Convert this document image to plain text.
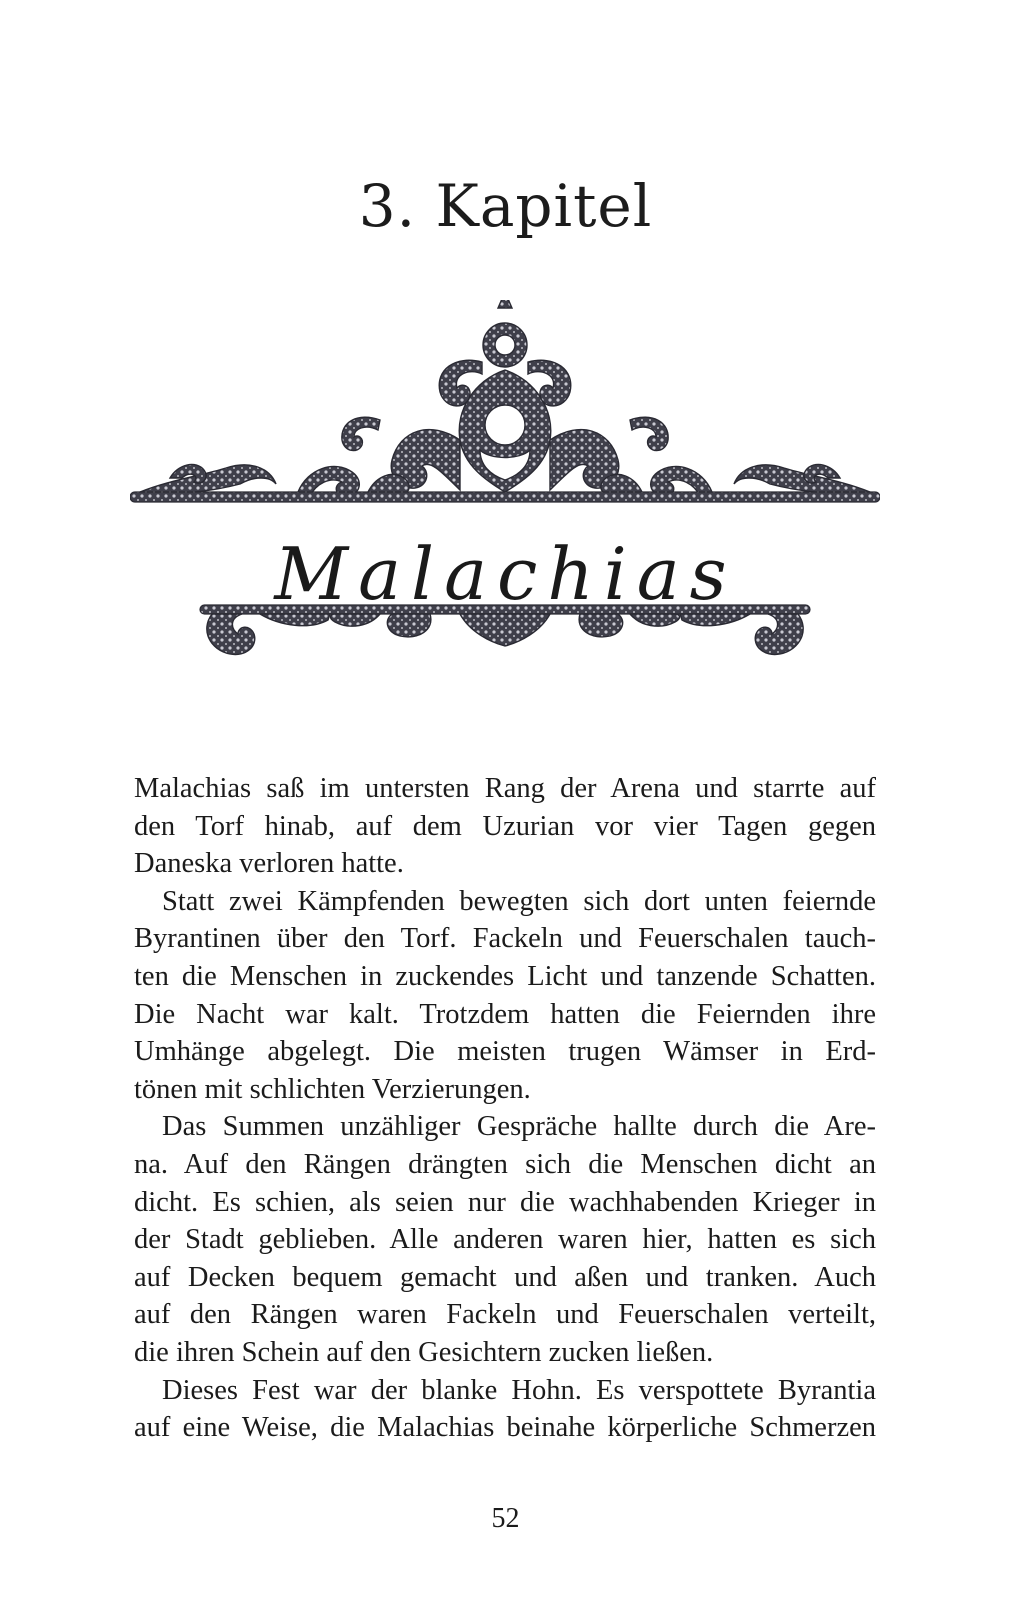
3. Kapitel
Malachias

Malachias saß im untersten Rang der Arena und starrte auf

den Torf hinab, auf dem Uzurian vor vier Tagen gegen

Daneska verloren hatte.

Statt zwei Kämpfenden bewegten sich dort unten feiernde

Byrantinen über den Torf. Fackeln und Feuerschalen tauch-

ten die Menschen in zuckendes Licht und tanzende Schatten.

Die Nacht war kalt. Trotzdem hatten die Feiernden ihre

Umhänge abgelegt. Die meisten trugen Wämser in Erd-

tönen mit schlichten Verzierungen.

Das Summen unzähliger Gespräche hallte durch die Are-

na. Auf den Rängen drängten sich die Menschen dicht an

dicht. Es schien, als seien nur die wachhabenden Krieger in

der Stadt geblieben. Alle anderen waren hier, hatten es sich

auf Decken bequem gemacht und aßen und tranken. Auch

auf den Rängen waren Fackeln und Feuerschalen verteilt,

die ihren Schein auf den Gesichtern zucken ließen.

Dieses Fest war der blanke Hohn. Es verspottete Byrantia

auf eine Weise, die Malachias beinahe körperliche Schmerzen

52
